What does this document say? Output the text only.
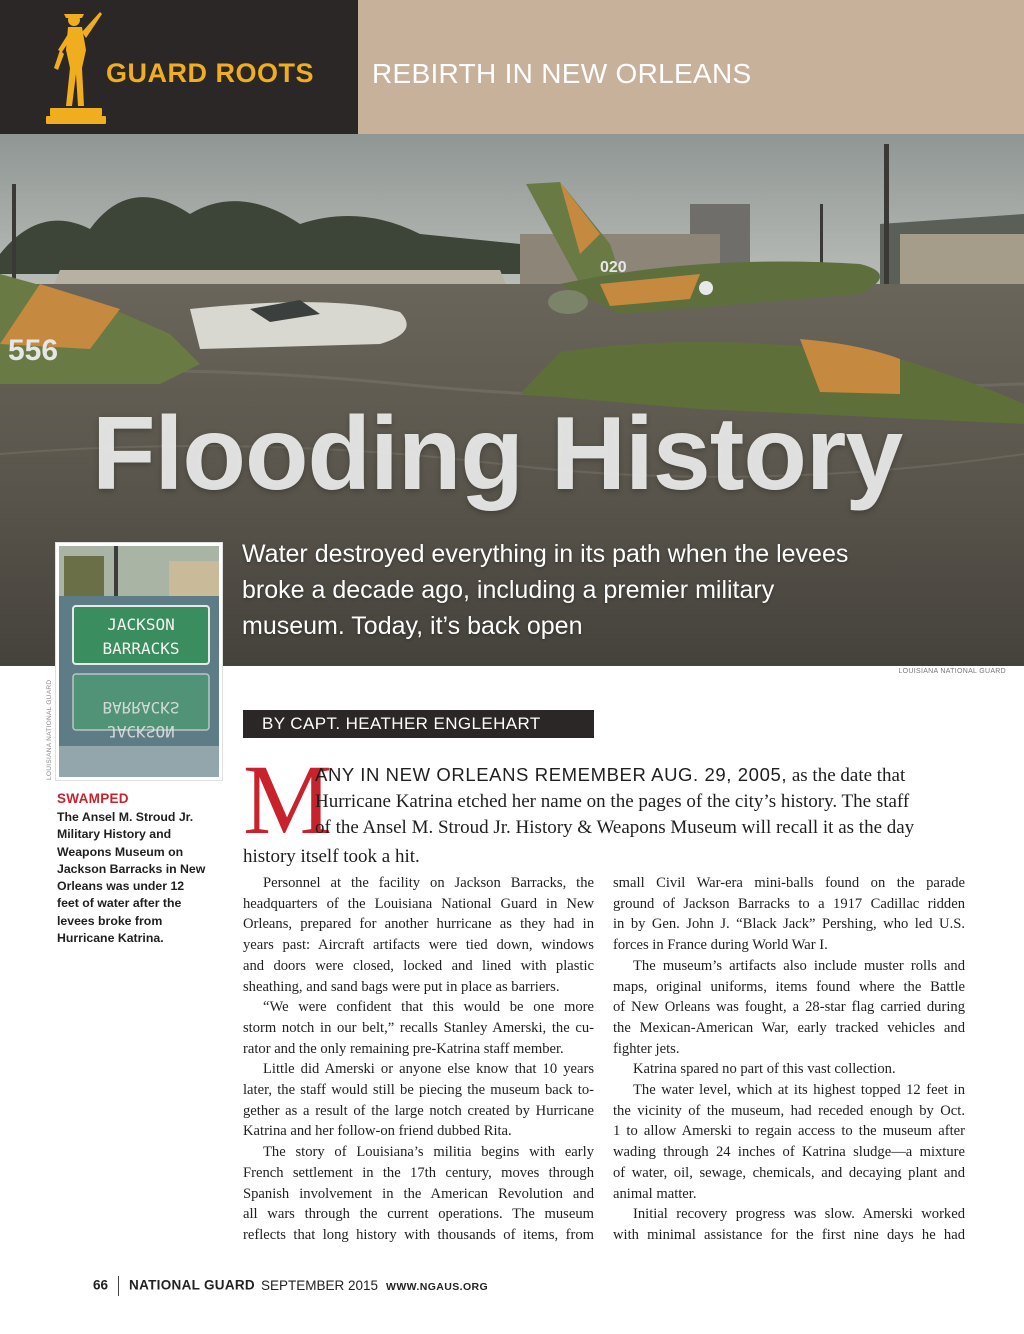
GUARD ROOTS REBIRTH IN NEW ORLEANS
556
020
Flooding History
Water destroyed everything in its path when the levees broke a decade ago, including a premier military museum. Today, it’s back open
LOUISIANA NATIONAL GUARD
JACKSON
BARRACKS
BARRACKS
JACKSON
LOUISIANA NATIONAL GUARD
SWAMPED
The Ansel M. Stroud Jr. Military History and Weapons Museum on Jackson Barracks in New Orleans was under 12 feet of water after the levees broke from Hurricane Katrina.
BY CAPT. HEATHER ENGLEHART
M
ANY IN NEW ORLEANS REMEMBER AUG. 29, 2005, as the date that
Hurricane Katrina etched her name on the pages of the city’s history. The staff
of the Ansel M. Stroud Jr. History & Weapons Museum will recall it as the day
history itself took a hit.
Personnel at the facility on Jackson Barracks, the
headquarters of the Louisiana National Guard in New
Orleans, prepared for another hurricane as they had in
years past: Aircraft artifacts were tied down, windows
and doors were closed, locked and lined with plastic
sheathing, and sand bags were put in place as barriers.
“We were confident that this would be one more
storm notch in our belt,” recalls Stanley Amerski, the cu-
rator and the only remaining pre-Katrina staff member.
Little did Amerski or anyone else know that 10 years
later, the staff would still be piecing the museum back to-
gether as a result of the large notch created by Hurricane
Katrina and her follow-on friend dubbed Rita.
The story of Louisiana’s militia begins with early
French settlement in the 17th century, moves through
Spanish involvement in the American Revolution and
all wars through the current operations. The museum
reflects that long history with thousands of items, from
small Civil War-era mini-balls found on the parade
ground of Jackson Barracks to a 1917 Cadillac ridden
in by Gen. John J. “Black Jack” Pershing, who led U.S.
forces in France during World War I.
The museum’s artifacts also include muster rolls and
maps, original uniforms, items found where the Battle
of New Orleans was fought, a 28-star flag carried during
the Mexican-American War, early tracked vehicles and
fighter jets.
Katrina spared no part of this vast collection.
The water level, which at its highest topped 12 feet in
the vicinity of the museum, had receded enough by Oct.
1 to allow Amerski to regain access to the museum after
wading through 24 inches of Katrina sludge—a mixture
of water, oil, sewage, chemicals, and decaying plant and
animal matter.
Initial recovery progress was slow. Amerski worked
with minimal assistance for the first nine days he had
66 NATIONAL GUARD SEPTEMBER 2015 WWW.NGAUS.ORG
